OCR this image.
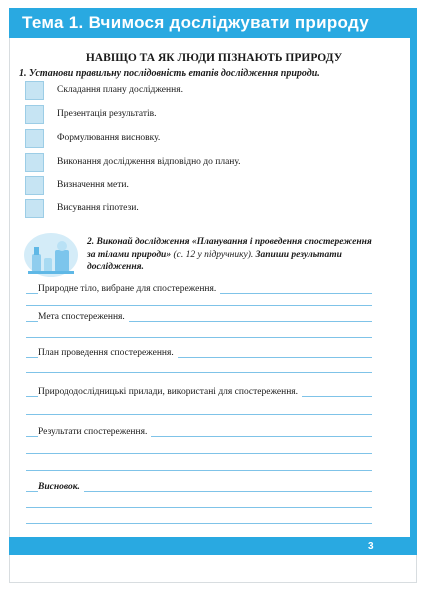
Тема 1. Вчимося досліджувати природу
НАВІЩО ТА ЯК ЛЮДИ ПІЗНАЮТЬ ПРИРОДУ
1. Установи правильну послідовність етапів дослідження природи.
Складання плану дослідження.
Презентація результатів.
Формулювання висновку.
Виконання дослідження відповідно до плану.
Визначення мети.
Висування гіпотези.
2. Виконай дослідження «Планування і проведення спостереження за тілами природи» (с. 12 у підручнику). Запиши результати дослідження.
Природне тіло, вибране для спостереження.
Мета спостереження.
План проведення спостереження.
Природодослідницькі прилади, використані для спостереження.
Результати спостереження.
Висновок.
3
